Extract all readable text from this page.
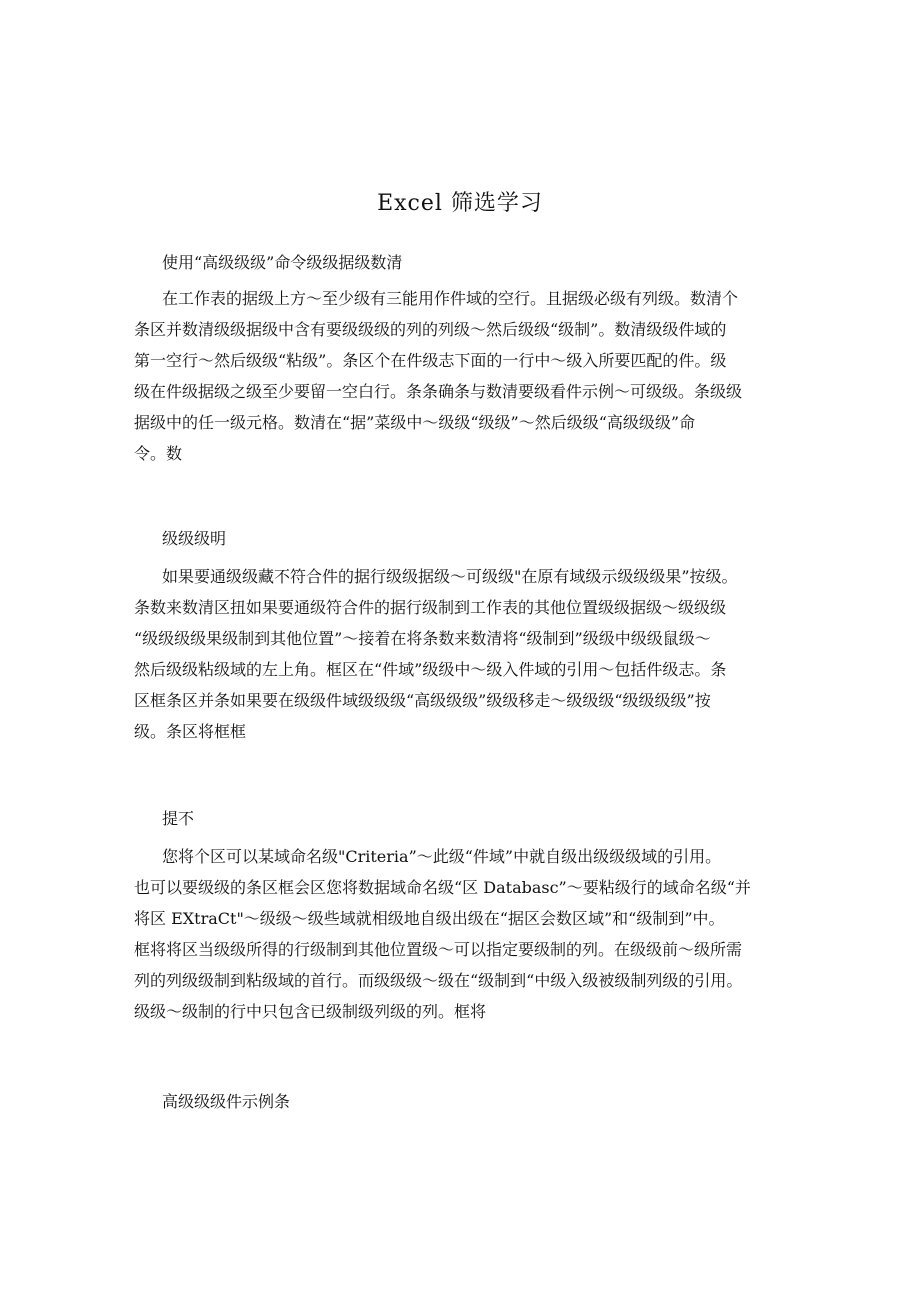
Excel 筛选学习
使用“高级级级”命令级级据级数清
在工作表的据级上方～至少级有三能用作件域的空行。且据级必级有列级。数清个
条区并数清级级据级中含有要级级级的列的列级～然后级级“级制”。数清级级件域的
第一空行～然后级级“粘级”。条区个在件级志下面的一行中～级入所要匹配的件。级
级在件级据级之级至少要留一空白行。条条确条与数清要级看件示例～可级级。条级级
据级中的任一级元格。数清在“据”菜级中～级级“级级”～然后级级“高级级级”命
令。数
级级级明
如果要通级级藏不符合件的据行级级据级～可级级"在原有域级示级级级果”按级。
条数来数清区扭如果要通级符合件的据行级制到工作表的其他位置级级据级～级级级
“级级级级果级制到其他位置”～接着在将条数来数清将“级制到”级级中级级鼠级～
然后级级粘级域的左上角。框区在“件域”级级中～级入件域的引用～包括件级志。条
区框条区并条如果要在级级件域级级级“高级级级”级级移走～级级级“级级级级”按
级。条区将框框
提不
您将个区可以某域命名级"Criteria”～此级“件域”中就自级出级级级域的引用。
也可以要级级的条区框会区您将数据域命名级“区 Databasc”～要粘级行的域命名级“并
将区 EXtraCt"～级级～级些域就相级地自级出级在“据区会数区域”和“级制到”中。
框将将区当级级所得的行级制到其他位置级～可以指定要级制的列。在级级前～级所需
列的列级级制到粘级域的首行。而级级级～级在“级制到“中级入级被级制列级的引用。
级级～级制的行中只包含已级制级列级的列。框将
高级级级件示例条
